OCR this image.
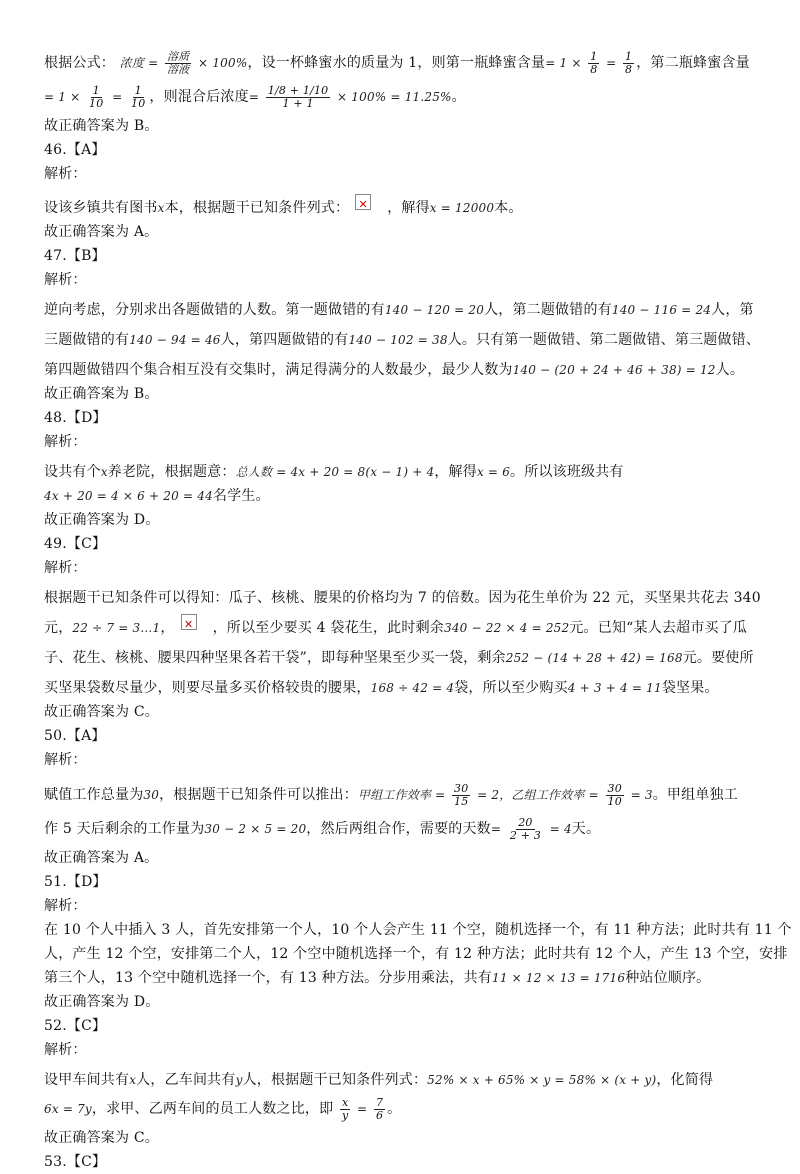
根据公式： 浓度 = $\frac{\text{溶质}}{\text{溶液}} \times 100\%$，设一杯蜂蜜水的质量为 1，则第一瓶蜂蜜含量= $1 \times \frac{1}{8} = \frac{1}{8}$ ，第二瓶蜂蜜含量

= $1 \times \frac{1}{10} = \frac{1}{10}$ ，则混合后浓度= $\frac{1/8 + 1/10}{1 + 1} \times 100\% = 11.25\%$。

故正确答案为 B。

46.【A】

解析：

设该乡镇共有图书x本，根据题干已知条件列式： ✕	，解得x = 12000本。

故正确答案为 A。

47.【B】

解析：

逆向考虑，分别求出各题做错的人数。第一题做错的有140 − 120 = 20人，第二题做错的有140 − 116 = 24人，第

三题做错的有140 − 94 = 46人，第四题做错的有140 − 102 = 38人。只有第一题做错、第二题做错、第三题做错、

第四题做错四个集合相互没有交集时，满足得满分的人数最少，最少人数为140 − (20 + 24 + 46 + 38) = 12人。

故正确答案为 B。

48.【D】

解析：

设共有个x养老院，根据题意：总人数 = 4x + 20 = 8(x − 1) + 4，解得x = 6。所以该班级共有

4x + 20 = 4 × 6 + 20 = 44名学生。

故正确答案为 D。

49.【C】

解析：

根据题干已知条件可以得知：瓜子、核桃、腰果的价格均为 7 的倍数。因为花生单价为 22 元，买坚果共花去 340

元，22 ÷ 7 = 3…1， ✕	，所以至少要买 4 袋花生，此时剩余340 − 22 × 4 = 252元。已知“某人去超市买了瓜

子、花生、核桃、腰果四种坚果各若干袋”，即每种坚果至少买一袋，剩余252 − (14 + 28 + 42) = 168元。要使所

买坚果袋数尽量少，则要尽量多买价格较贵的腰果，168 ÷ 42 = 4袋，所以至少购买4 + 3 + 4 = 11袋坚果。

故正确答案为 C。

50.【A】

解析：

赋值工作总量为30，根据题干已知条件可以推出：甲组工作效率 = $\frac{30}{15} = 2$，乙组工作效率 = $\frac{30}{10} = 3$。甲组单独工

作 5 天后剩余的工作量为30 − 2 × 5 = 20，然后两组合作，需要的天数= $\frac{20}{2 + 3} = 4$天。

故正确答案为 A。

51.【D】

解析：

在 10 个人中插入 3 人，首先安排第一个人，10 个人会产生 11 个空，随机选择一个，有 11 种方法；此时共有 11 个

人，产生 12 个空，安排第二个人，12 个空中随机选择一个，有 12 种方法；此时共有 12 个人，产生 13 个空，安排

第三个人，13 个空中随机选择一个，有 13 种方法。分步用乘法，共有11 × 12 × 13 = 1716种站位顺序。

故正确答案为 D。

52.【C】

解析：

设甲车间共有x人，乙车间共有y人，根据题干已知条件列式：52% × x + 65% × y = 58% × (x + y)，化简得

6x = 7y，求甲、乙两车间的员工人数之比，即 $\frac{x}{y} = \frac{7}{6}$ 。

故正确答案为 C。

53.【C】
